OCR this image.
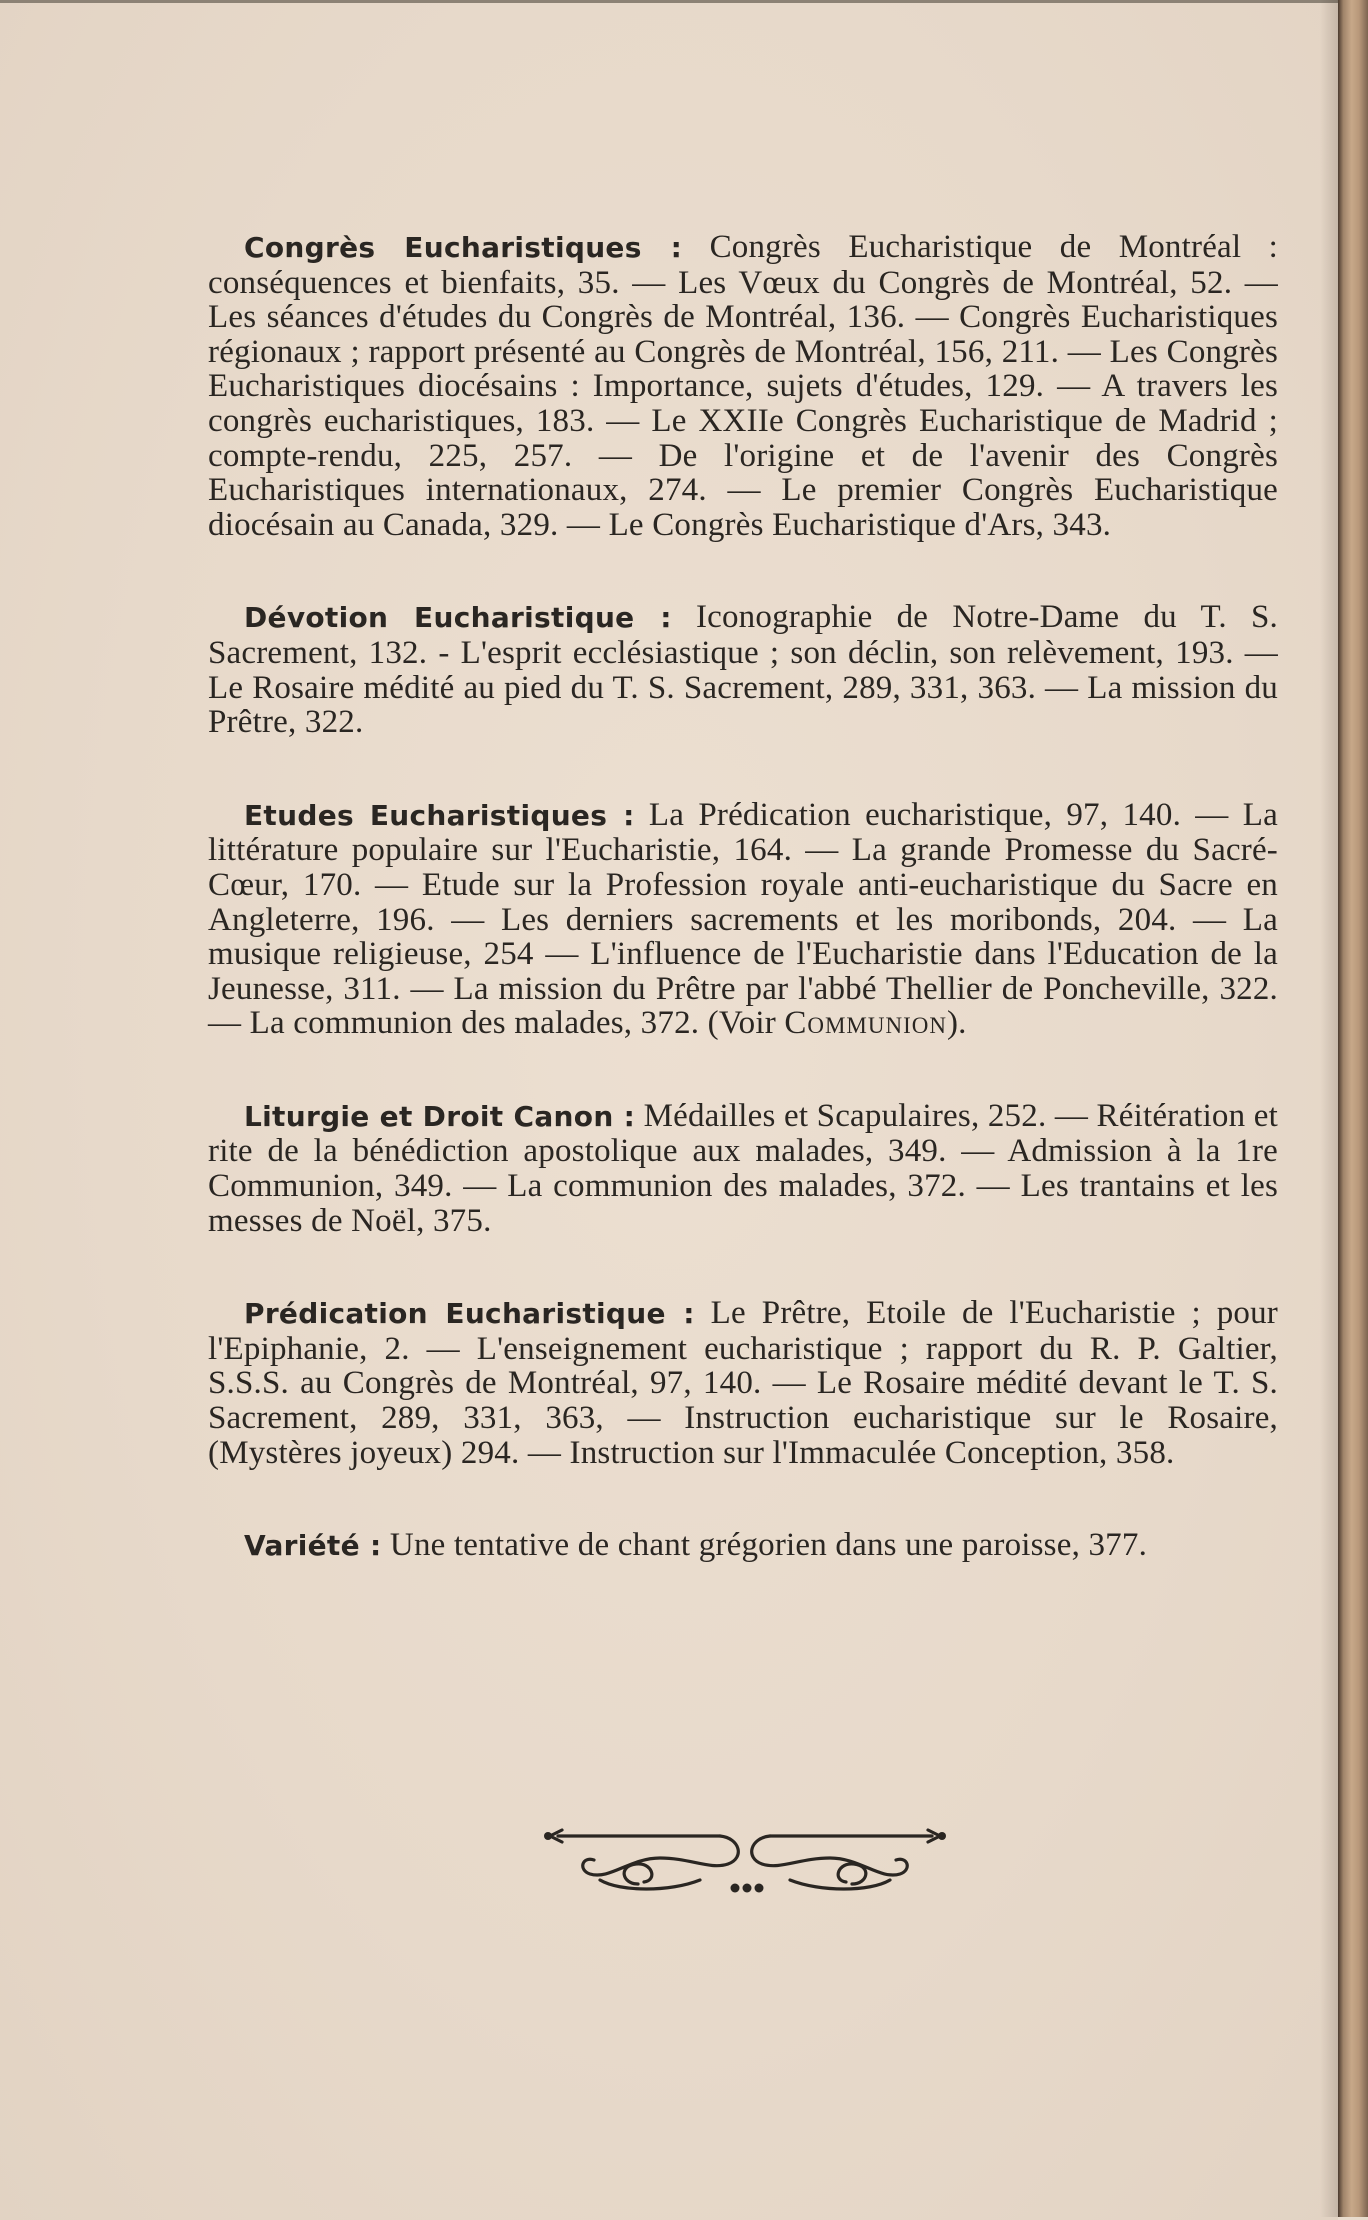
Congrès Eucharistiques : Congrès Eucharistique de Montréal : conséquences et bienfaits, 35. — Les Vœux du Congrès de Montréal, 52. — Les séances d'études du Congrès de Montréal, 136. — Congrès Eucharistiques régionaux ; rapport présenté au Congrès de Montréal, 156, 211. — Les Congrès Eucharistiques diocésains : Importance, sujets d'études, 129. — A travers les congrès eucharistiques, 183. — Le XXIIe Congrès Eucharistique de Madrid ; compte-rendu, 225, 257. — De l'origine et de l'avenir des Congrès Eucharistiques internationaux, 274. — Le premier Congrès Eucharistique diocésain au Canada, 329. — Le Congrès Eucharistique d'Ars, 343.

Dévotion Eucharistique : Iconographie de Notre-Dame du T. S. Sacrement, 132. - L'esprit ecclésiastique ; son déclin, son relèvement, 193. — Le Rosaire médité au pied du T. S. Sacrement, 289, 331, 363. — La mission du Prêtre, 322.

Etudes Eucharistiques : La Prédication eucharistique, 97, 140. — La littérature populaire sur l'Eucharistie, 164. — La grande Promesse du Sacré-Cœur, 170. — Etude sur la Profession royale anti-eucharistique du Sacre en Angleterre, 196. — Les derniers sacrements et les moribonds, 204. — La musique religieuse, 254 — L'influence de l'Eucharistie dans l'Education de la Jeunesse, 311. — La mission du Prêtre par l'abbé Thellier de Poncheville, 322. — La communion des malades, 372. (Voir Communion).

Liturgie et Droit Canon : Médailles et Scapulaires, 252. — Réitération et rite de la bénédiction apostolique aux malades, 349. — Admission à la 1re Communion, 349. — La communion des malades, 372. — Les trantains et les messes de Noël, 375.

Prédication Eucharistique : Le Prêtre, Etoile de l'Eucharistie ; pour l'Epiphanie, 2. — L'enseignement eucharistique ; rapport du R. P. Galtier, S.S.S. au Congrès de Montréal, 97, 140. — Le Rosaire médité devant le T. S. Sacrement, 289, 331, 363, — Instruction eucharistique sur le Rosaire, (Mystères joyeux) 294. — Instruction sur l'Immaculée Conception, 358.

Variété : Une tentative de chant grégorien dans une paroisse, 377.
